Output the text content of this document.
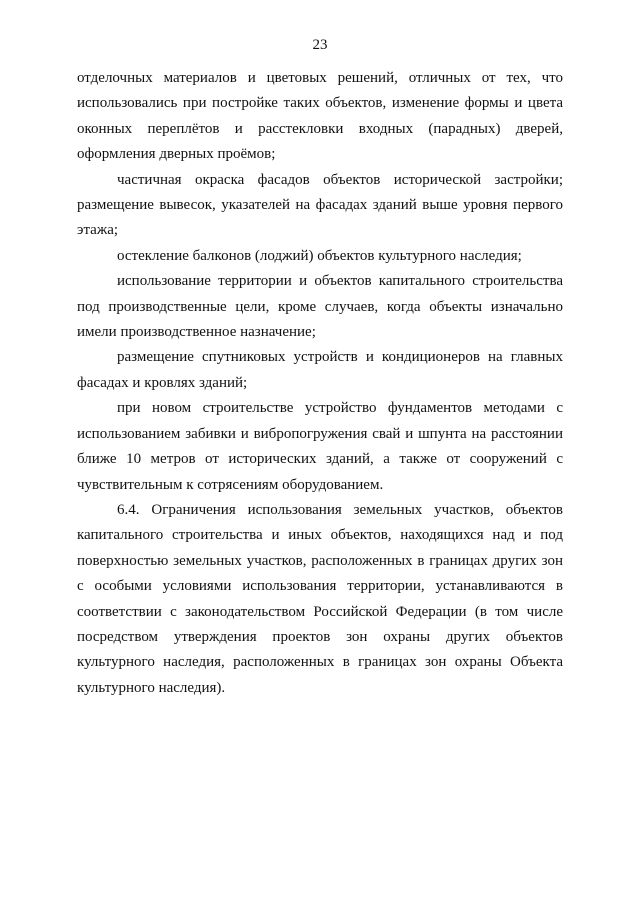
23

отделочных материалов и цветовых решений, отличных от тех, что использовались при постройке таких объектов, изменение формы и цвета оконных переплётов и расстекловки входных (парадных) дверей, оформления дверных проёмов;

частичная окраска фасадов объектов исторической застройки; размещение вывесок, указателей на фасадах зданий выше уровня первого этажа;

остекление балконов (лоджий) объектов культурного наследия;

использование территории и объектов капитального строительства под производственные цели, кроме случаев, когда объекты изначально имели производственное назначение;

размещение спутниковых устройств и кондиционеров на главных фасадах и кровлях зданий;

при новом строительстве устройство фундаментов методами с использованием забивки и вибропогружения свай и шпунта на расстоянии ближе 10 метров от исторических зданий, а также от сооружений с чувствительным к сотрясениям оборудованием.

6.4. Ограничения использования земельных участков, объектов капитального строительства и иных объектов, находящихся над и под поверхностью земельных участков, расположенных в границах других зон с особыми условиями использования территории, устанавливаются в соответствии с законодательством Российской Федерации (в том числе посредством утверждения проектов зон охраны других объектов культурного наследия, расположенных в границах зон охраны Объекта культурного наследия).
